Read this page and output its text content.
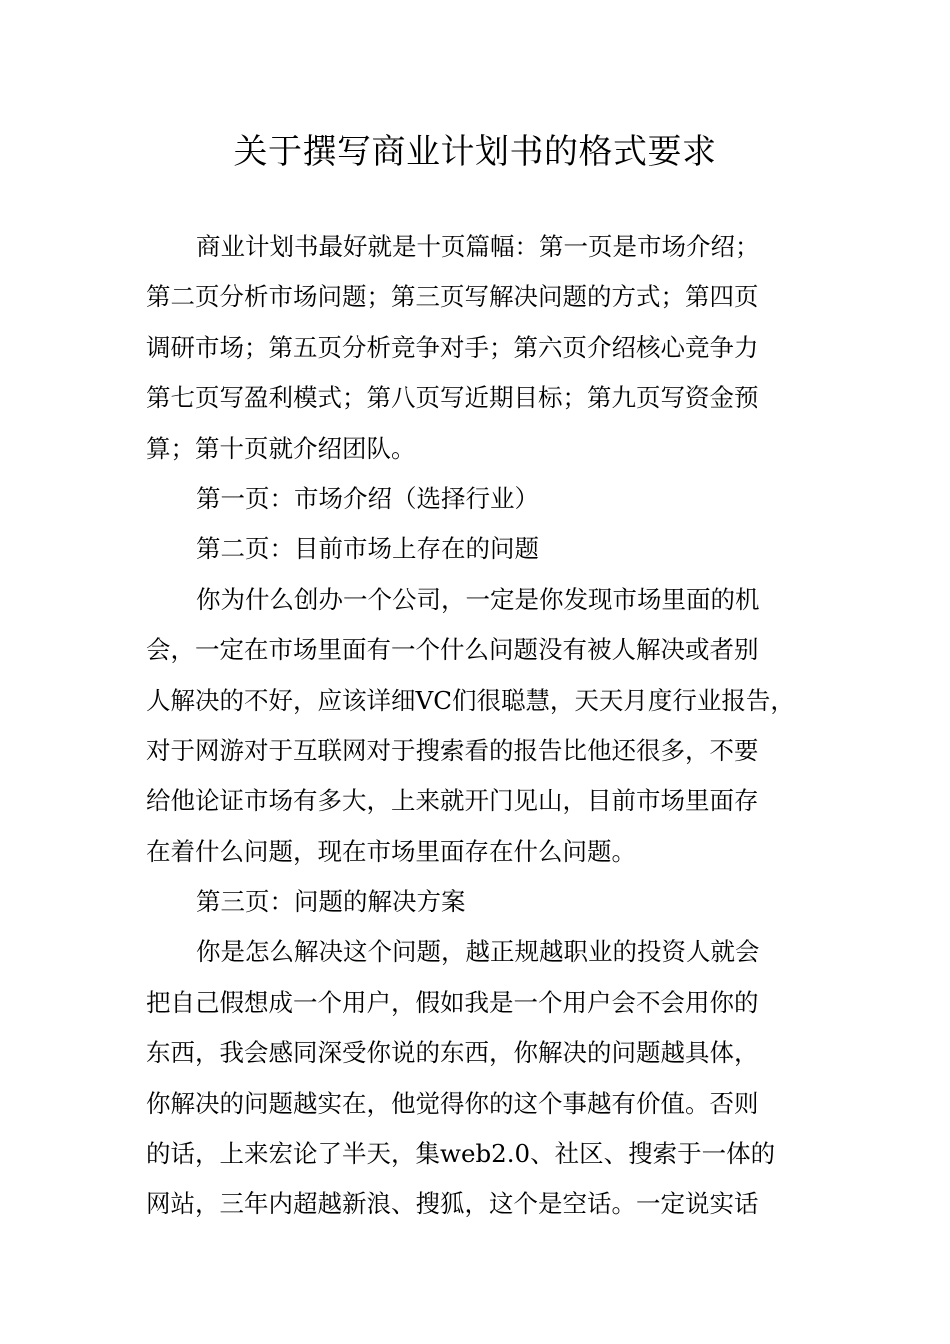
关于撰写商业计划书的格式要求

商业计划书最好就是十页篇幅：第一页是市场介绍；

第二页分析市场问题；第三页写解决问题的方式；第四页

调研市场；第五页分析竞争对手；第六页介绍核心竞争力

第七页写盈利模式；第八页写近期目标；第九页写资金预

算；第十页就介绍团队。

第一页：市场介绍（选择行业）

第二页：目前市场上存在的问题

你为什么创办一个公司，一定是你发现市场里面的机

会，一定在市场里面有一个什么问题没有被人解决或者别

人解决的不好，应该详细VC们很聪慧，天天月度行业报告，

对于网游对于互联网对于搜索看的报告比他还很多，不要

给他论证市场有多大，上来就开门见山，目前市场里面存

在着什么问题，现在市场里面存在什么问题。

第三页：问题的解决方案

你是怎么解决这个问题，越正规越职业的投资人就会

把自己假想成一个用户，假如我是一个用户会不会用你的

东西，我会感同深受你说的东西，你解决的问题越具体，

你解决的问题越实在，他觉得你的这个事越有价值。否则

的话，上来宏论了半天，集web2.0、社区、搜索于一体的

网站，三年内超越新浪、搜狐，这个是空话。一定说实话
